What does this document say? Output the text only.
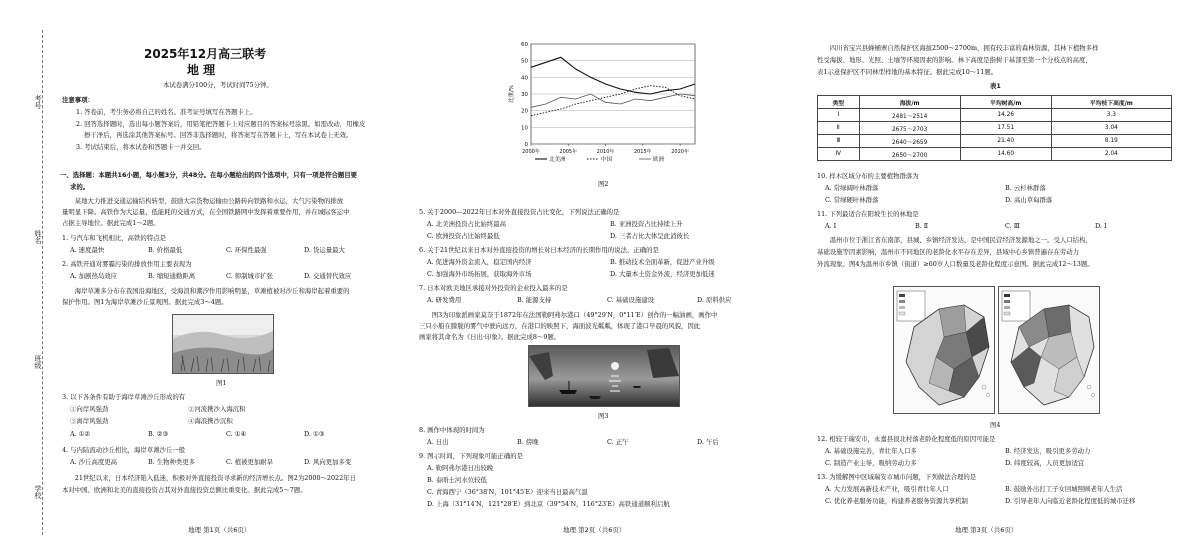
考号
姓名
班级
学校
2025年12月高三联考
地 理
本试卷满分100分，考试时间75分钟。
注意事项：
1. 答卷前，考生务必将自己的姓名、准考证号填写在答题卡上。
2. 回答选择题时，选出每小题答案后，用铅笔把答题卡上对应题目的答案标号涂黑。如需改动，用橡皮
擦干净后，再选涂其他答案标号。回答非选择题时，将答案写在答题卡上，写在本试卷上无效。
3. 考试结束后，将本试卷和答题卡一并交回。
一、选择题：本题共16小题，每小题3分，共48分。在每小题给出的四个选项中，只有一项是符合题目要
求的。
　　某地大力推进交通运输结构转型，鼓励大宗货物运输由公路转向铁路和水运，大气污染物的排放
量明显下降。高铁作为大运量、低能耗的交通方式，在全国铁路网中发挥着重要作用，并在城际客运中
占据主导地位。据此完成1～2题。
1. 与汽车和飞机相比，高铁的特点是
A. 速度最快	B. 价格最低	C. 环保性最强	D. 货运量最大
2. 高铁开通对雾霾污染的排放作用主要表现为
A. 加剧热岛效应	B. 缩短通勤距离	C. 抑制城市扩张	D. 交通替代效应
　　海岸草滩多分布在我国沿海地区，受海浪和潮汐作用影响明显，草滩植被对沙丘和海岸起着重要的
保护作用。图1为海岸草滩沙丘景观图。据此完成3～4题。
图1
3. 以下各条件有助于海岸草滩沙丘形成的有
①向岸风强劲	②河流携沙入海沉积
③离岸风强劲	④海浪携沙沉积
A. ①②	B. ②③	C. ①④	D. ①③
4. 与内陆流动沙丘相比，海岸草滩沙丘一般
A. 沙丘高度更高	B. 生物种类更多	C. 植被更加耐旱	D. 风向更加多变
　　21世纪以来，日本经济陷入低迷，积极对外直接投资寻求新的经济增长点。图2为2000～2022年日
本对中国、欧洲和北美的直接投资占其对外直接投资总额比重变化。据此完成5～7题。
地理 第1页（共6页）
0
10
20
30
40
50
60
比重/%
2000年	2005年	2010年	2015年	2020年
北美洲	中国	欧洲
图2
5. 关于2000—2022年日本对外直接投资占比变化，下列说法正确的是
A. 北美洲投资占比始终最高	B. 亚洲投资占比持续上升
C. 欧洲投资占比始终最低	D. 三者占比大体呈此消彼长
6. 关于21世纪以来日本对外直接投资的增长对日本经济的长期作用的说法，正确的是
A. 促进海外资金流入，稳定国内经济	B. 推动技术全面革新，促进产业升级
C. 加强海外市场拓展，获取海外市场	D. 大量本土资金外流，经济更加低迷
7. 日本对欧美地区承接对外投资的企业投入最多的是
A. 研发费用	B. 能源支持	C. 基础设施建设	D. 原料供应
　　图3为印象派画家莫奈于1872年在法国勒阿弗尔港口（49°29′N，0°11′E）创作的一幅油画，画作中
三只小船在朦胧的雾气中驶向远方，在港口的映照下，海面波光粼粼，体现了港口早晨的风貌，因此
画家将其命名为《日出·印象》。据此完成8～9题。
图3
8. 画作中体现的时间为
A. 日出	B. 傍晚	C. 正午	D. 午后
9. 图示时间，下列现象可能正确的是
A. 勒阿弗尔港日出较晚
B. 泰晤士河水位较低
C. 青海西宁（36°38′N，101°45′E）迎来当日最高气温
D. 上海（31°14′N，121°28′E）到北京（39°54′N，116°23′E）高铁通道顺利启航
地理 第2页（共6页）
　　四川省宝兴县蜂桶寨自然保护区海拔2500～2700m，拥有较丰富的森林资源，其林下植物多样
性受海拔、地形、光照、土壤等环境因素的影响。林下高度是指树干基部至第一个分枝点的高度，
表1示意保护区不同林型样地的基本特征。据此完成10～11题。
表1
类型	海拔/m	平均树高/m	平均枝下高度/m
Ⅰ	2481～2514	14.26	3.3
Ⅱ	2675～2703	17.51	3.04
Ⅲ	2640～2659	21.40	8.19
Ⅳ	2650～2700	14.60	2.04
10. 样木区域分布的主要植物群落为
A. 常绿阔叶林群落	B. 云杉林群落
C. 常绿硬叶林群落	D. 高山草甸群落
11. 下列最适合在阳坡生长的林地是
A. Ⅰ	B. Ⅱ	C. Ⅲ	D. Ⅰ
　　温州市位于浙江省东南部，县城、乡镇经济发达，是中国民营经济发源地之一。受人口结构、
基础设施等因素影响，温州市不同地区的老龄化水平存在差异，县域中心乡镇普遍存在劳动力
外流现象。图4为温州市乡镇（街道）≥60岁人口数量及老龄化程度示意图。据此完成12～13题。
图4
12. 相较于瑞安市，永嘉县很北村落老龄化程度低的原因可能是
A. 基础设施完善，青壮年人口多	B. 经济发达，吸引更多劳动力
C. 制造产业主导，吸纳劳动力多	D. 纬度较高，人员更加适宜
13. 为缓解图中区域瑞安市城市问题，下列做法合理的是
A. 大力发展高新技术产业，吸引青壮年人口	B. 鼓励外出打工子女回城照顾老年人生活
C. 优化养老服务功能，构建养老服务资源共享机制	D. 引导老年人向临近老龄化程度低的城市迁移
地理 第3页（共6页）
